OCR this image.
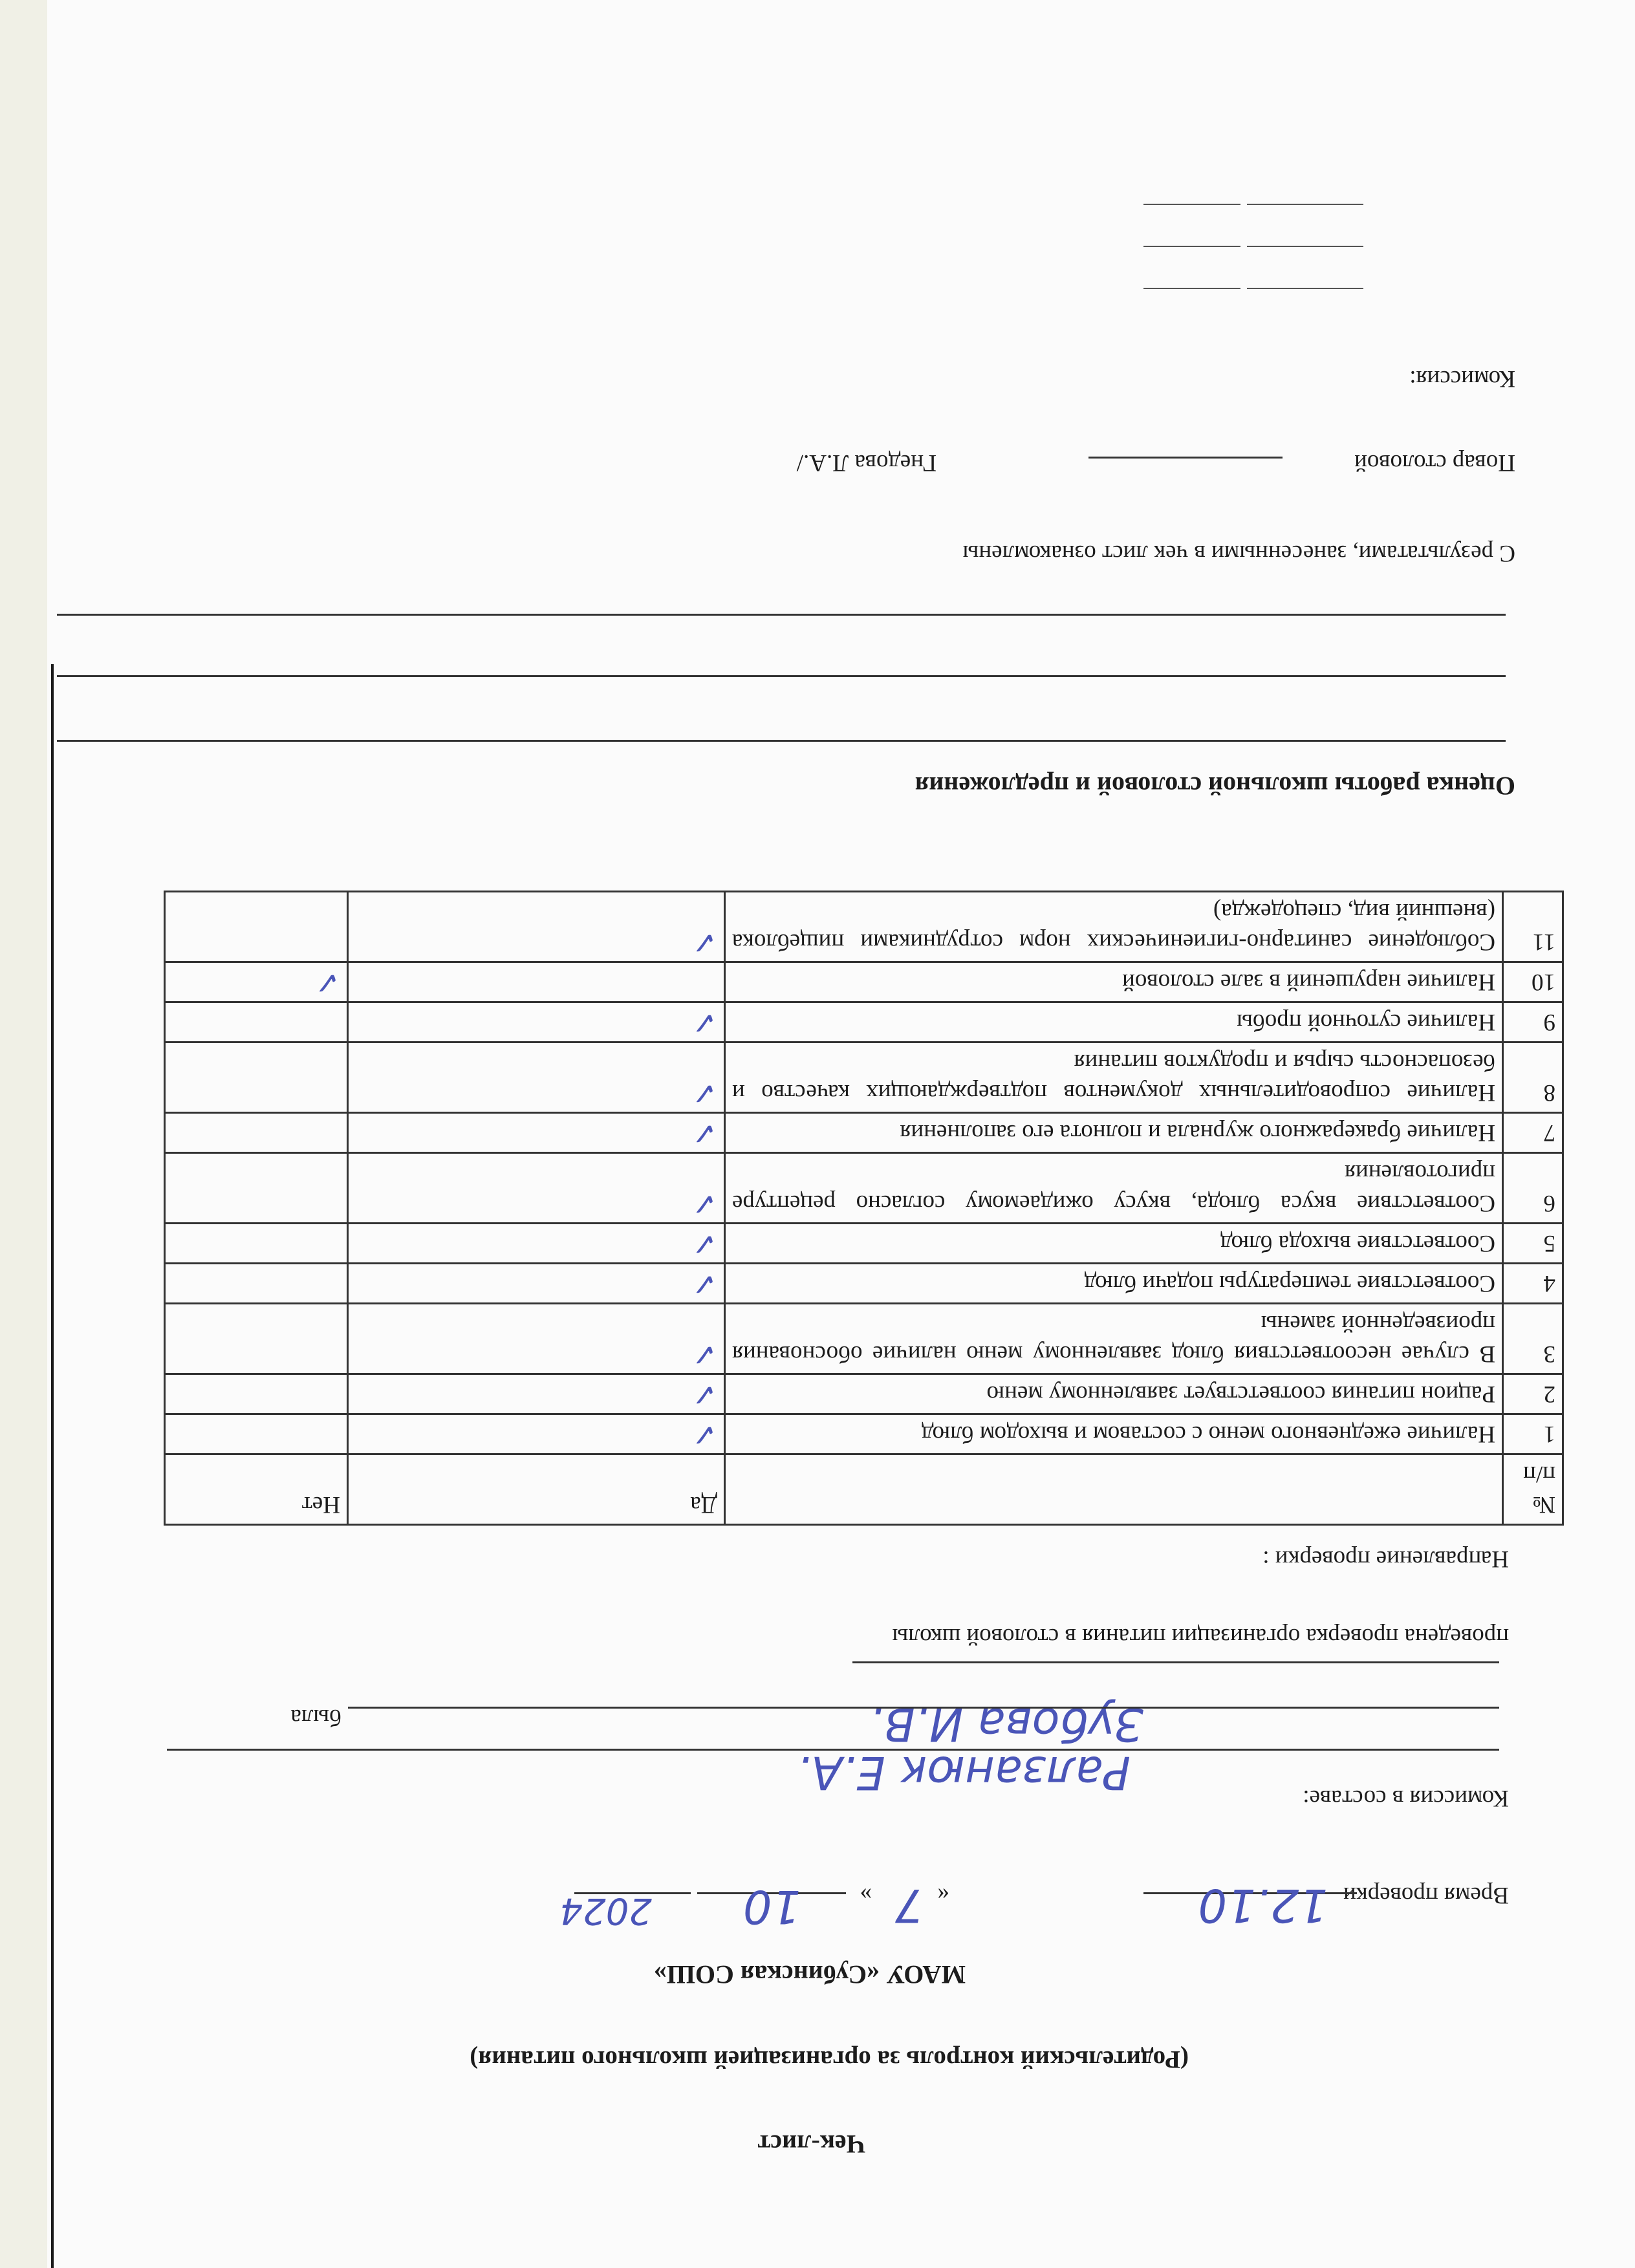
Чек-лист
(Родительский контроль за организацией школьного питания)
МАОУ «Субинская СОШ»
Время проверки
12.10
«
7
»
10
2024
Комиссия в составе:
Ралзанюк Е.А.
Зубова И.В.
была
проведена проверка организации питания в столовой школы
Направление проверки :
№ п/п		Да	Нет
1	Наличие ежедневного меню с составом и выходом блюд	✓	
2	Рацион питания соответствует заявленному меню	✓	
3	В случае несоответствия блюд заявленному меню наличие обоснования произведенной замены	✓	
4	Соответствие температуры подачи блюд	✓	
5	Соответствие выхода блюд	✓	
6	Соответствие вкуса блюда, вкусу ожидаемому согласно рецептуре приготовления	✓	
7	Наличие бракеражного журнала и полнота его заполнения	✓	
8	Наличие сопроводительных документов подтверждающих качество и безопасность сырья и продуктов питания	✓	
9	Наличие суточной пробы	✓	
10	Наличие нарушений в зале столовой		✓
11	Соблюдение санитарно-гигиенических норм сотрудниками пищеблока (внешний вид, спецодежда)	✓	
Оценка работы школьной столовой и предложения
С результатами, занесенными в чек лист ознакомлены
Повар столовой
Гнедова Л.А./
Комиссия:
